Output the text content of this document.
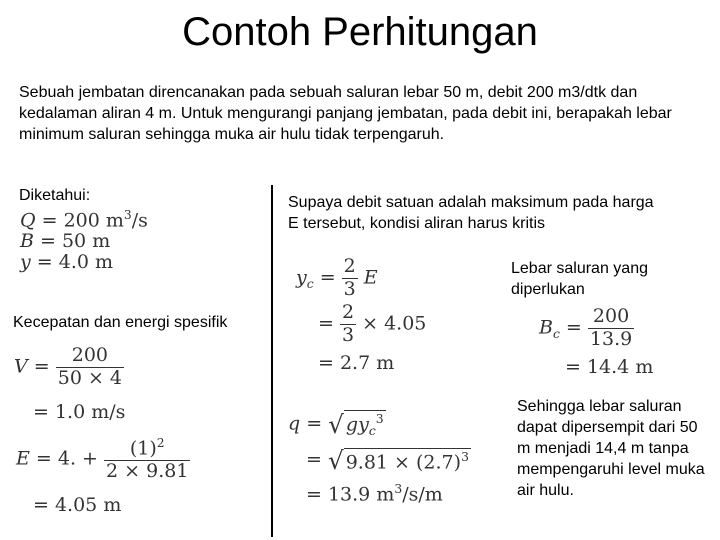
Contoh Perhitungan
Sebuah jembatan direncanakan pada sebuah saluran lebar 50 m, debit 200 m3/dtk dan kedalaman aliran 4 m. Untuk mengurangi panjang jembatan, pada debit ini, berapakah lebar minimum saluran sehingga muka air hulu tidak terpengaruh.
Diketahui:
Q = 200 $m^3/s$
B = 50 m
y = 4.0 m
Kecepatan dan energi spesifik
$V = \frac{200}{50 \times 4}$
= 1.0 m/s
E = 4. + $\frac{(1)^2}{2 \times 9.81}$
= 4.05 m
Supaya debit satuan adalah maksimum pada harga E tersebut, kondisi aliran harus kritis
$y_c = \frac{2}{3}$ E
= $\frac{2}{3} \times 4.05$
= 2.7 m
q = √ $gy_c^3$
= √ $9.81 \times (2.7)^3$
= 13.9 $m^3/s/m$
Lebar saluran yang diperlukan
$B_c = \frac{200}{13.9}$
= 14.4 m
Sehingga lebar saluran dapat dipersempit dari 50 m menjadi 14,4 m tanpa mempengaruhi level muka air hulu.
